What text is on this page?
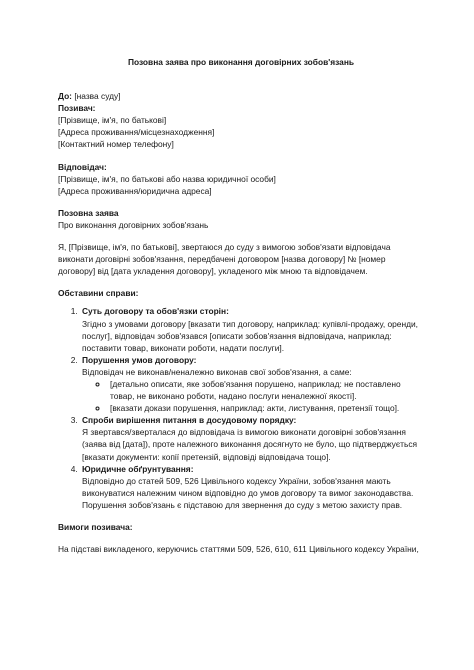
Позовна заява про виконання договірних зобов'язань

До: [назва суду]

Позивач:

[Прізвище, ім'я, по батькові]

[Адреса проживання/місцезнаходження]

[Контактний номер телефону]

Відповідач:

[Прізвище, ім'я, по батькові або назва юридичної особи]

[Адреса проживання/юридична адреса]

Позовна заява

Про виконання договірних зобов'язань

Я, [Прізвище, ім'я, по батькові], звертаюся до суду з вимогою зобов'язати відповідача виконати договірні зобов'язання, передбачені договором [назва договору] № [номер договору] від [дата укладення договору], укладеного між мною та відповідачем.

Обставини справи:

1. Суть договору та обов'язки сторін:
Згідно з умовами договору [вказати тип договору, наприклад: купівлі-продажу, оренди, послуг], відповідач зобов'язався [описати зобов'язання відповідача, наприклад: поставити товар, виконати роботи, надати послуги].
2. Порушення умов договору:
Відповідач не виконав/неналежно виконав свої зобов'язання, а саме:
◦ [детально описати, яке зобов'язання порушено, наприклад: не поставлено товар, не виконано роботи, надано послуги неналежної якості].
◦ [вказати докази порушення, наприклад: акти, листування, претензії тощо].
3. Спроби вирішення питання в досудовому порядку:
Я звертався/зверталася до відповідача із вимогою виконати договірні зобов'язання (заява від [дата]), проте належного виконання досягнуто не було, що підтверджується [вказати документи: копії претензій, відповіді відповідача тощо].
4. Юридичне обґрунтування:
Відповідно до статей 509, 526 Цивільного кодексу України, зобов'язання мають виконуватися належним чином відповідно до умов договору та вимог законодавства. Порушення зобов'язань є підставою для звернення до суду з метою захисту прав.

Вимоги позивача:

На підставі викладеного, керуючись статтями 509, 526, 610, 611 Цивільного кодексу України,
